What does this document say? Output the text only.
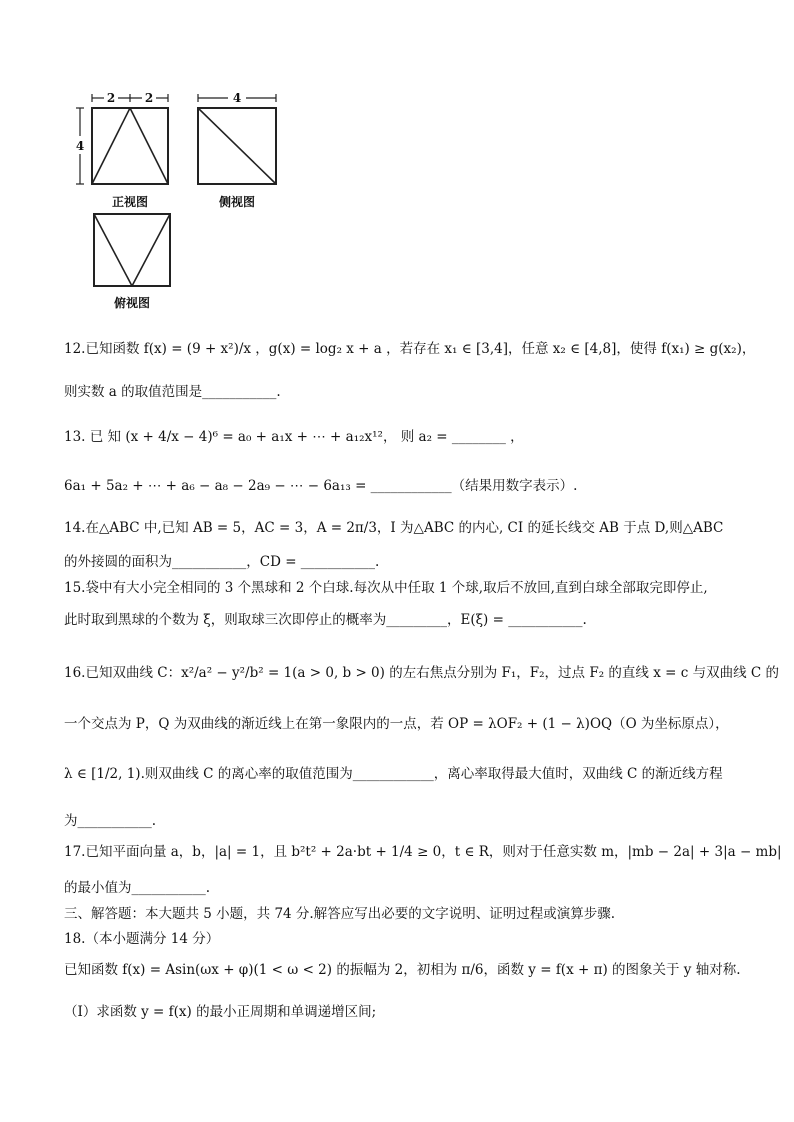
2 2
4
正视图
4
侧视图
俯视图
12.已知函数 f(x) = (9 + x²)/x ，g(x) = log₂ x + a ，若存在 x₁ ∈ [3,4]，任意 x₂ ∈ [4,8]，使得 f(x₁) ≥ g(x₂)，
则实数 a 的取值范围是___________.
13. 已 知 (x + 4/x − 4)⁶ = a₀ + a₁x + ⋯ + a₁₂x¹²， 则 a₂ = ________ ，
6a₁ + 5a₂ + ⋯ + a₆ − a₈ − 2a₉ − ⋯ − 6a₁₃ = ____________（结果用数字表示）.
14.在△ABC 中,已知 AB = 5，AC = 3，A = 2π/3，I 为△ABC 的内心, CI 的延长线交 AB 于点 D,则△ABC
的外接圆的面积为___________，CD = ___________.
15.袋中有大小完全相同的 3 个黑球和 2 个白球.每次从中任取 1 个球,取后不放回,直到白球全部取完即停止,
此时取到黑球的个数为 ξ，则取球三次即停止的概率为_________，E(ξ) = ___________.
16.已知双曲线 C：x²/a² − y²/b² = 1(a > 0, b > 0) 的左右焦点分别为 F₁，F₂，过点 F₂ 的直线 x = c 与双曲线 C 的
一个交点为 P，Q 为双曲线的渐近线上在第一象限内的一点，若 OP = λOF₂ + (1 − λ)OQ（O 为坐标原点），
λ ∈ [1/2, 1).则双曲线 C 的离心率的取值范围为____________，离心率取得最大值时，双曲线 C 的渐近线方程
为___________.
17.已知平面向量 a，b，|a| = 1，且 b²t² + 2a·bt + 1/4 ≥ 0，t ∈ R，则对于任意实数 m，|mb − 2a| + 3|a − mb|
的最小值为___________.
三、解答题：本大题共 5 小题，共 74 分.解答应写出必要的文字说明、证明过程或演算步骤.
18.（本小题满分 14 分）
已知函数 f(x) = Asin(ωx + φ)(1 < ω < 2) 的振幅为 2，初相为 π/6，函数 y = f(x + π) 的图象关于 y 轴对称.
（Ⅰ）求函数 y = f(x) 的最小正周期和单调递增区间;
